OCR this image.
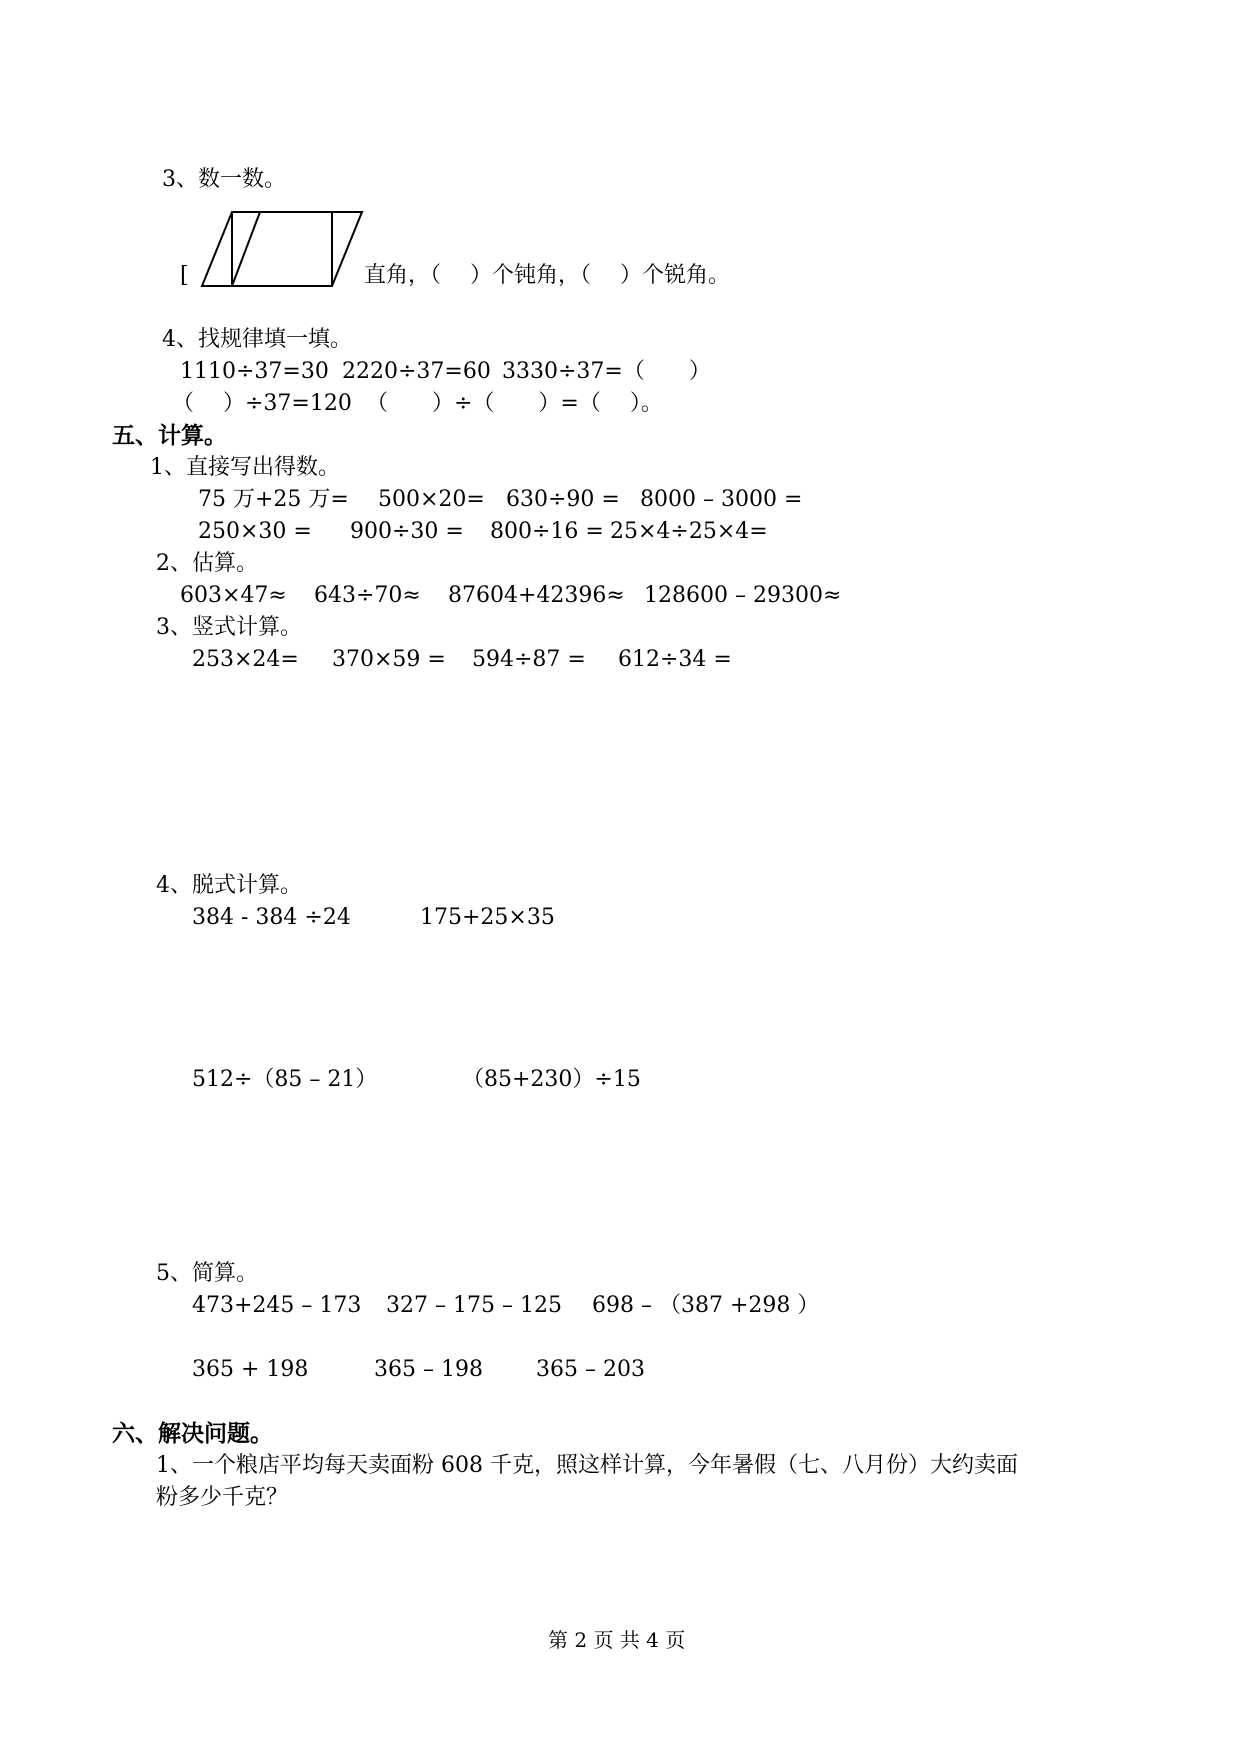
3、数一数。
[	直角，（　 ）个钝角，（　 ）个锐角。
4、找规律填一填。
1110÷37=30 2220÷37=60 3330÷37=（　　）
（　 ）÷37=120 （　　）÷（　　）=（　 ）。
五、计算。
1、直接写出得数。
75 万+25 万= 500×20= 630÷90 = 8000 – 3000 =
250×30 = 900÷30 = 800÷16 = 25×4÷25×4=
2、估算。
603×47≈ 643÷70≈ 87604+42396≈ 128600 – 29300≈
3、竖式计算。
253×24= 370×59 = 594÷87 = 612÷34 =
4、脱式计算。
384 - 384 ÷24	175+25×35
512÷（85 – 21）	（85+230）÷15
5、简算。
473+245 – 173 327 – 175 – 125 698 – （387 +298 ）
365 + 198	365 – 198 365 – 203
六、解决问题。
1、一个粮店平均每天卖面粉 608 千克，照这样计算，今年暑假（七、八月份）大约卖面
粉多少千克？
第 2 页 共 4 页
